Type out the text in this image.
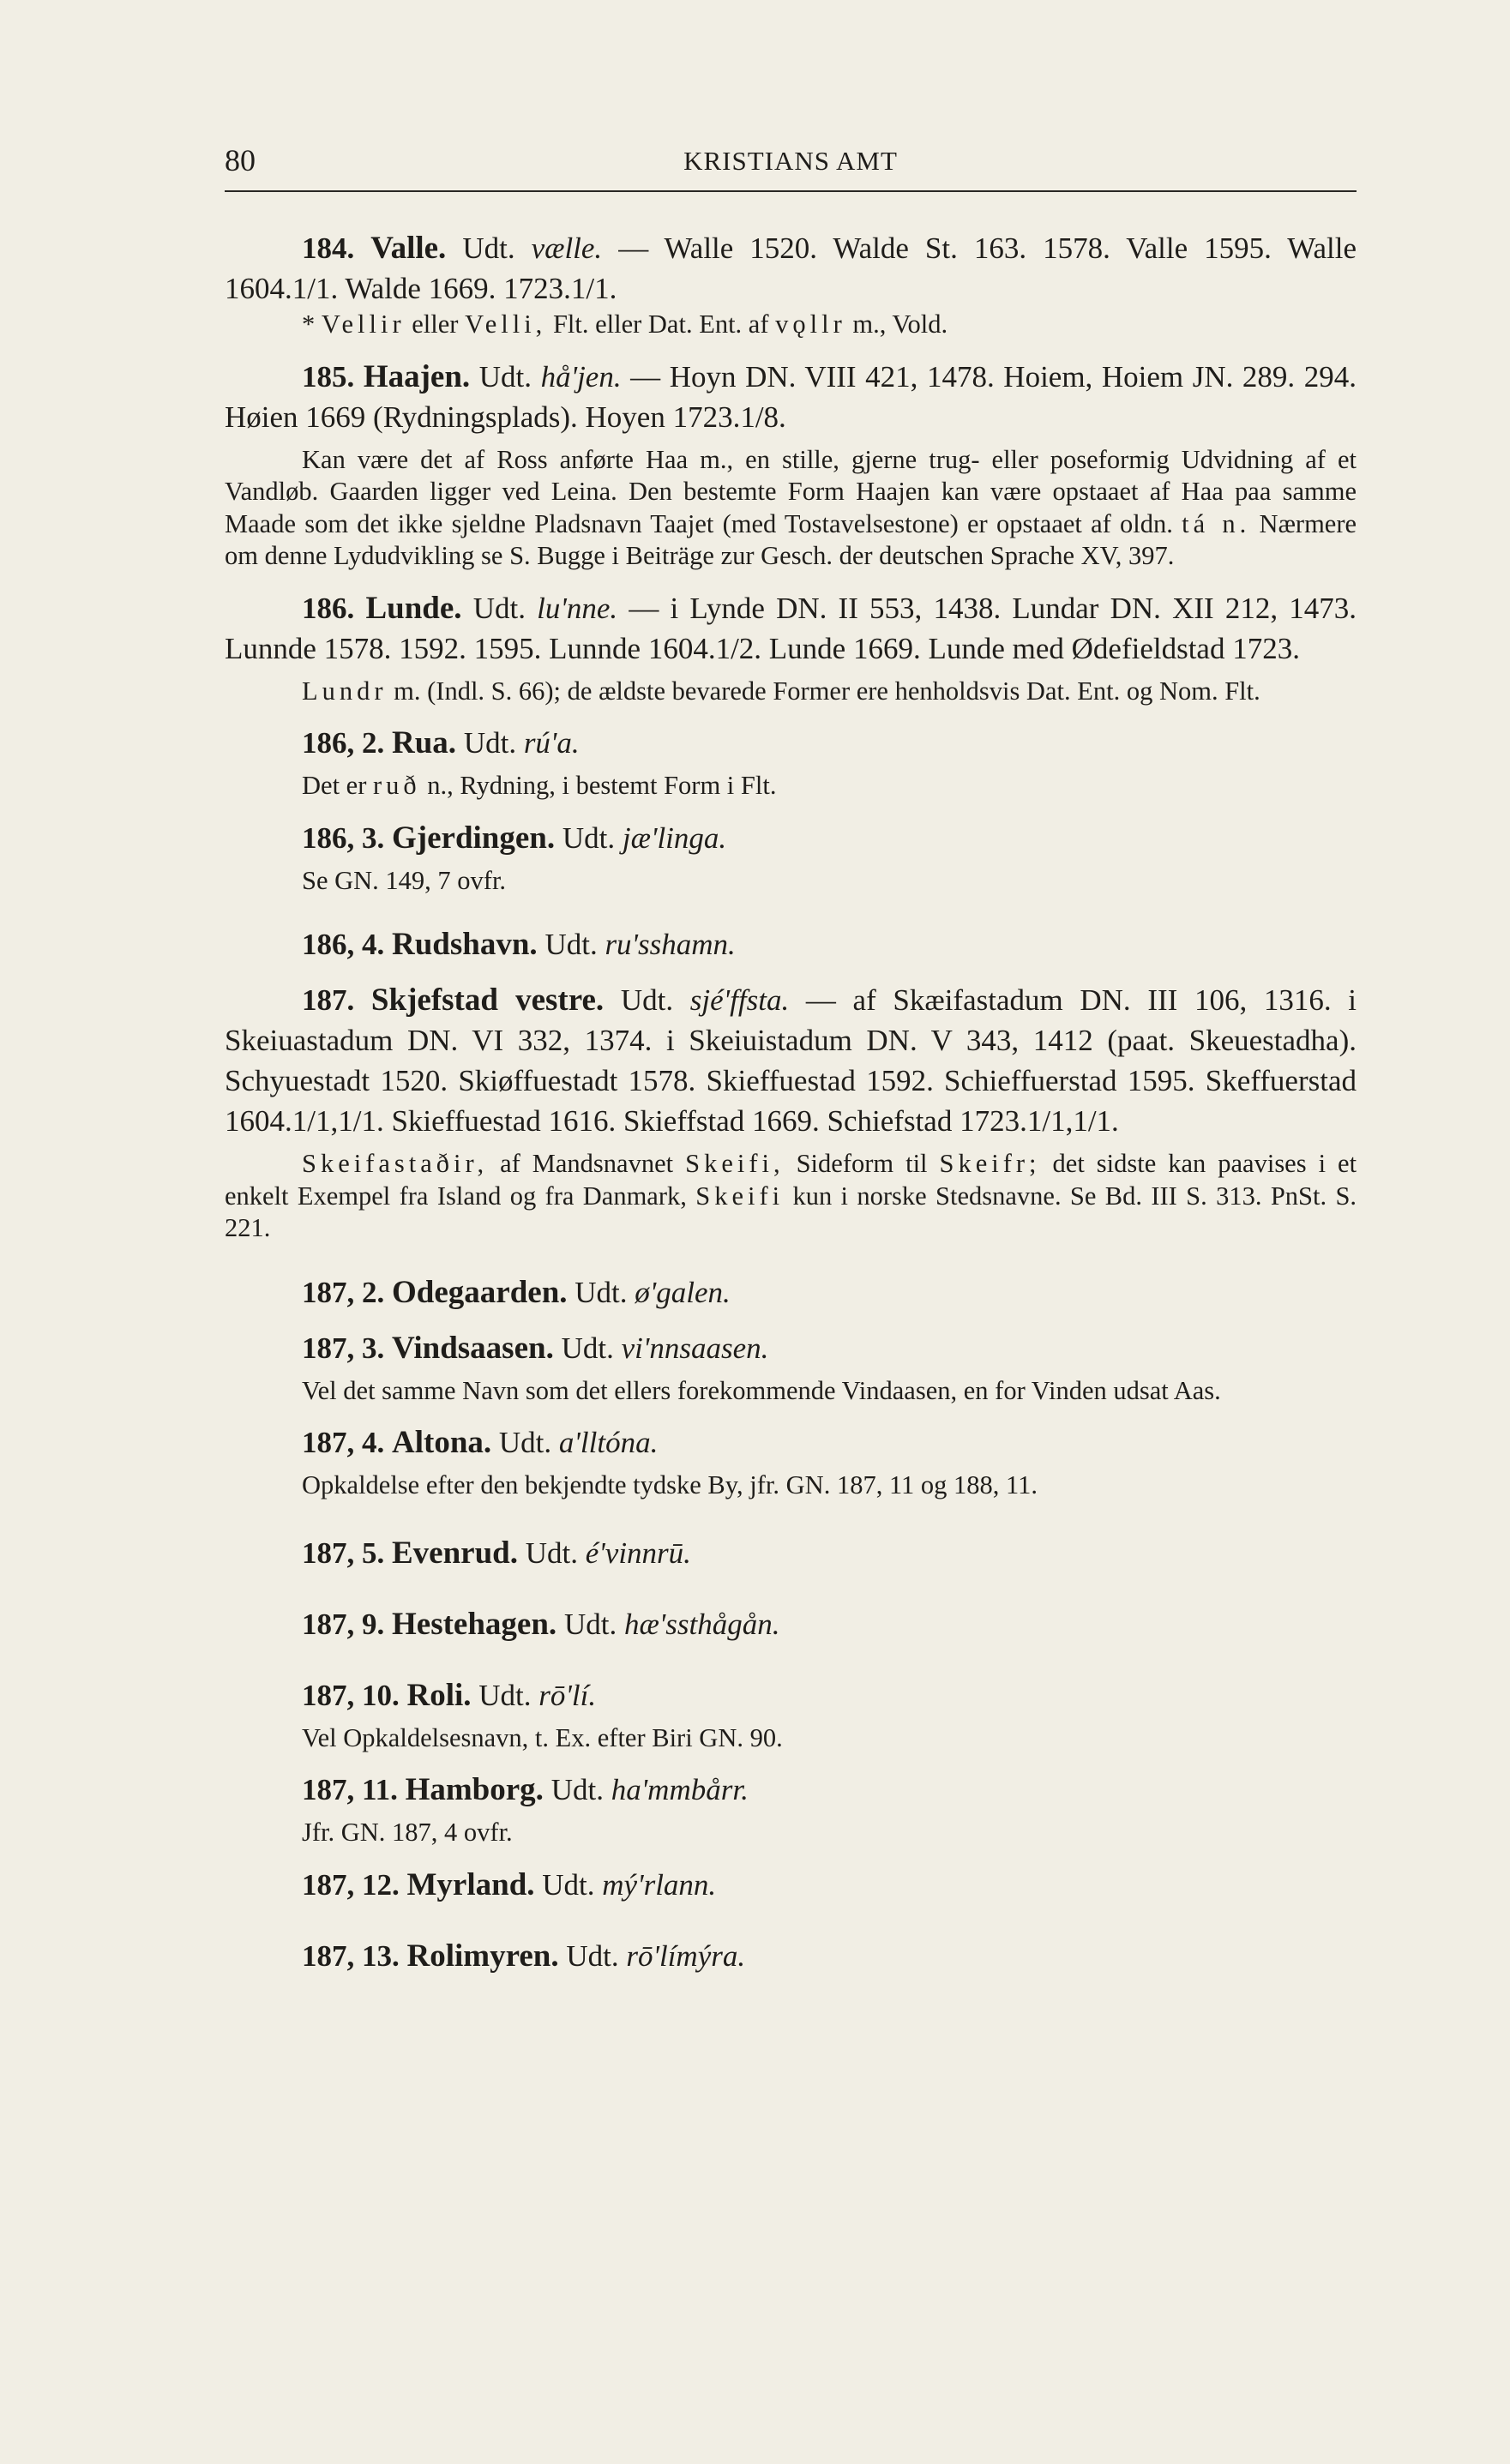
80	KRISTIANS AMT
184. Valle. Udt. vælle. — Walle 1520. Walde St. 163. 1578. Valle 1595. Walle 1604.1/1. Walde 1669. 1723.1/1.
* Vellir eller Velli, Flt. eller Dat. Ent. af vǫllr m., Vold.
185. Haajen. Udt. hå'jen. — Hoyn DN. VIII 421, 1478. Hoiem, Hoiem JN. 289. 294. Høien 1669 (Rydningsplads). Hoyen 1723.1/8.
Kan være det af Ross anførte Haa m., en stille, gjerne trug- eller poseformig Udvidning af et Vandløb. Gaarden ligger ved Leina. Den bestemte Form Haajen kan være opstaaet af Haa paa samme Maade som det ikke sjeldne Pladsnavn Taajet (med Tostavelsestone) er opstaaet af oldn. tá n. Nærmere om denne Lydudvikling se S. Bugge i Beiträge zur Gesch. der deutschen Sprache XV, 397.
186. Lunde. Udt. lu'nne. — i Lynde DN. II 553, 1438. Lundar DN. XII 212, 1473. Lunnde 1578. 1592. 1595. Lunnde 1604.1/2. Lunde 1669. Lunde med Ødefieldstad 1723.
Lundr m. (Indl. S. 66); de ældste bevarede Former ere henholdsvis Dat. Ent. og Nom. Flt.
186, 2. Rua. Udt. rú'a.
Det er ruð n., Rydning, i bestemt Form i Flt.
186, 3. Gjerdingen. Udt. jæ'linga.
Se GN. 149, 7 ovfr.
186, 4. Rudshavn. Udt. ru'sshamn.
187. Skjefstad vestre. Udt. sjé'ffsta. — af Skæifastadum DN. III 106, 1316. i Skeiuastadum DN. VI 332, 1374. i Skeiuistadum DN. V 343, 1412 (paat. Skeuestadha). Schyuestadt 1520. Skiøffuestadt 1578. Skieffuestad 1592. Schieffuerstad 1595. Skeffuerstad 1604.1/1,1/1. Skieffuestad 1616. Skieffstad 1669. Schiefstad 1723.1/1,1/1.
Skeifastaðir, af Mandsnavnet Skeifi, Sideform til Skeifr; det sidste kan paavises i et enkelt Exempel fra Island og fra Danmark, Skeifi kun i norske Stedsnavne. Se Bd. III S. 313. PnSt. S. 221.
187, 2. Odegaarden. Udt. ø'galen.
187, 3. Vindsaasen. Udt. vi'nnsaasen.
Vel det samme Navn som det ellers forekommende Vindaasen, en for Vinden udsat Aas.
187, 4. Altona. Udt. a'lltóna.
Opkaldelse efter den bekjendte tydske By, jfr. GN. 187, 11 og 188, 11.
187, 5. Evenrud. Udt. é'vinnrū.
187, 9. Hestehagen. Udt. hæ'ssthågån.
187, 10. Roli. Udt. rō'lí.
Vel Opkaldelsesnavn, t. Ex. efter Biri GN. 90.
187, 11. Hamborg. Udt. ha'mmbårr.
Jfr. GN. 187, 4 ovfr.
187, 12. Myrland. Udt. mý'rlann.
187, 13. Rolimyren. Udt. rō'límýra.
